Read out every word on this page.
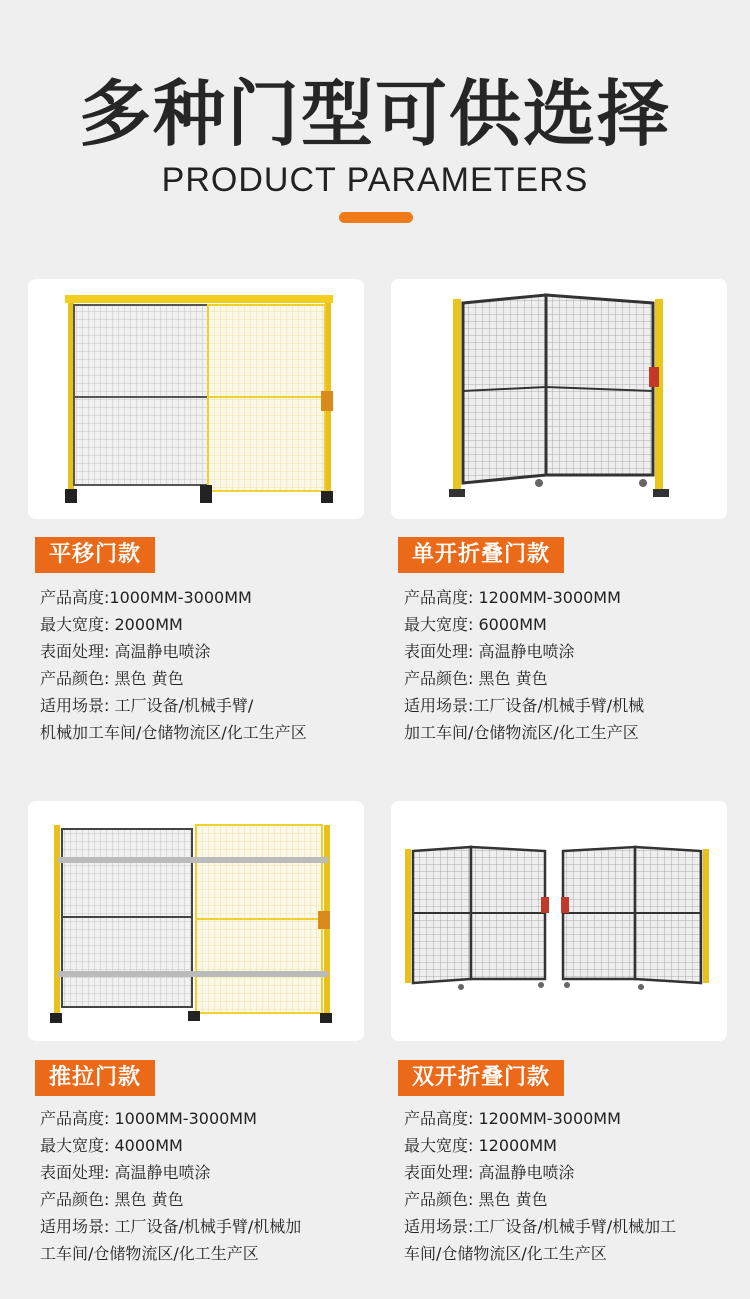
多种门型可供选择
PRODUCT PARAMETERS
平移门款	单开折叠门款
推拉门款	双开折叠门款
产品高度:1000MM-3000MM
最大宽度: 2000MM
表面处理: 高温静电喷涂
产品颜色: 黑色 黄色
适用场景: 工厂设备/机械手臂/
机械加工车间/仓储物流区/化工生产区
产品高度: 1200MM-3000MM
最大宽度: 6000MM
表面处理: 高温静电喷涂
产品颜色: 黑色 黄色
适用场景:工厂设备/机械手臂/机械
加工车间/仓储物流区/化工生产区
产品高度: 1000MM-3000MM
最大宽度: 4000MM
表面处理: 高温静电喷涂
产品颜色: 黑色 黄色
适用场景: 工厂设备/机械手臂/机械加
工车间/仓储物流区/化工生产区
产品高度: 1200MM-3000MM
最大宽度: 12000MM
表面处理: 高温静电喷涂
产品颜色: 黑色 黄色
适用场景:工厂设备/机械手臂/机械加工
车间/仓储物流区/化工生产区
